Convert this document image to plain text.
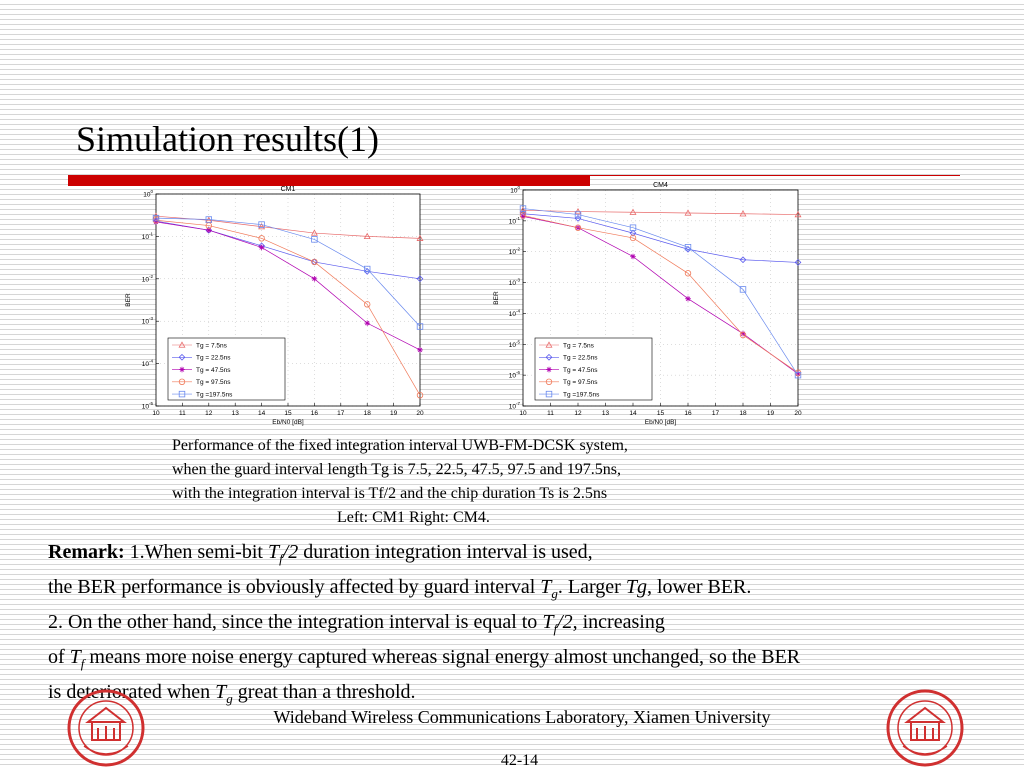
Simulation results(1)
10	11	12	13	14	15	16	17	18	19	20
$10^{-5}$
$10^{-4}$
$10^{-3}$
$10^{-2}$
$10^{-1}$
$10^0$	CM1
Eb/N0 [dB]
BER
Tg = 7.5ns
Tg = 22.5ns
Tg = 47.5ns
Tg = 97.5ns
Tg =197.5ns
10	11	12	13	14	15	16	17	18	19	20
$10^{-7}$
$10^{-6}$
$10^{-5}$
$10^{-4}$
$10^{-3}$
$10^{-2}$
$10^{-1}$
$10^0$	CM4
Eb/N0 [dB]
BER
Tg = 7.5ns
Tg = 22.5ns
Tg = 47.5ns
Tg = 97.5ns
Tg =197.5ns
Performance of the fixed integration interval UWB-FM-DCSK system,
when the guard interval length Tg is 7.5, 22.5, 47.5, 97.5 and 197.5ns,
with the integration interval is Tf/2 and the chip duration Ts is 2.5ns
Left: CM1 Right: CM4.
Remark: 1.When semi-bit $T_f/2$ duration integration interval is used,
the BER performance is obviously affected by guard interval $T_g$. Larger Tg, lower BER.
2. On the other hand, since the integration interval is equal to $T_f/2$, increasing
of $T_f$ means more noise energy captured whereas signal energy almost unchanged, so the BER
is deteriorated when $T_g$ great than a threshold.
Wideband Wireless Communications Laboratory, Xiamen University
42-14
